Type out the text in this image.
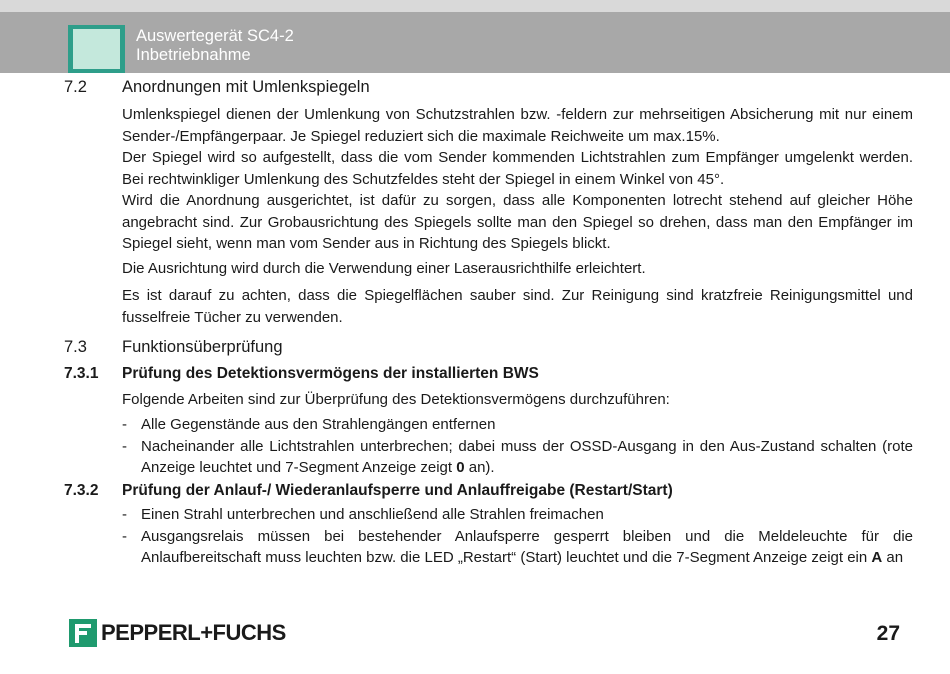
Auswertegerät SC4-2
Inbetriebnahme
7.2 Anordnungen mit Umlenkspiegeln
Umlenkspiegel dienen der Umlenkung von Schutzstrahlen bzw. -feldern zur mehrseitigen Absicherung mit nur einem Sender-/Empfängerpaar. Je Spiegel reduziert sich die maximale Reichweite um max.15%.
Der Spiegel wird so aufgestellt, dass die vom Sender kommenden Lichtstrahlen zum Empfänger umgelenkt werden. Bei rechtwinkliger Umlenkung des Schutzfeldes steht der Spiegel in einem Winkel von 45°.
Wird die Anordnung ausgerichtet, ist dafür zu sorgen, dass alle Komponenten lotrecht stehend auf gleicher Höhe angebracht sind. Zur Grobausrichtung des Spiegels sollte man den Spiegel so drehen, dass man den Empfänger im Spiegel sieht, wenn man vom Sender aus in Richtung des Spiegels blickt.
Die Ausrichtung wird durch die Verwendung einer Laserausrichthilfe erleichtert.
Es ist darauf zu achten, dass die Spiegelflächen sauber sind. Zur Reinigung sind kratzfreie Reinigungsmittel und fusselfreie Tücher zu verwenden.
7.3 Funktionsüberprüfung
7.3.1 Prüfung des Detektionsvermögens der installierten BWS
Folgende Arbeiten sind zur Überprüfung des Detektionsvermögens durchzuführen:
- Alle Gegenstände aus den Strahlengängen entfernen
- Nacheinander alle Lichtstrahlen unterbrechen; dabei muss der OSSD-Ausgang in den Aus-Zustand schalten (rote Anzeige leuchtet und 7-Segment Anzeige zeigt 0 an).
7.3.2 Prüfung der Anlauf-/ Wiederanlaufsperre und Anlauffreigabe (Restart/Start)
- Einen Strahl unterbrechen und anschließend alle Strahlen freimachen
- Ausgangsrelais müssen bei bestehender Anlaufsperre gesperrt bleiben und die Meldeleuchte für die Anlaufbereitschaft muss leuchten bzw. die LED „Restart“ (Start) leuchtet und die 7-Segment Anzeige zeigt ein A an
PEPPERL+FUCHS	27
